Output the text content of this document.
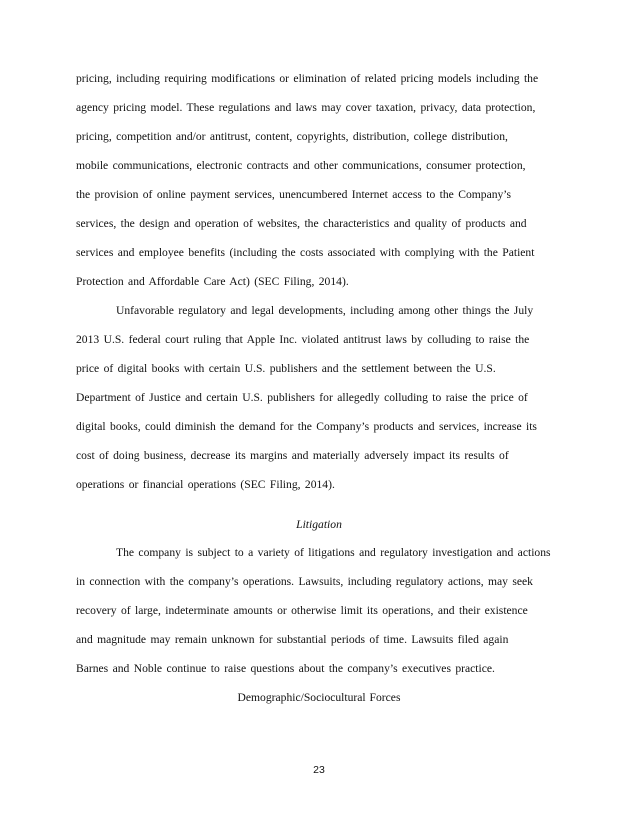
pricing, including requiring modifications or elimination of related pricing models including the
agency pricing model. These regulations and laws may cover taxation, privacy, data protection,
pricing, competition and/or antitrust, content, copyrights, distribution, college distribution,
mobile communications, electronic contracts and other communications, consumer protection,
the provision of online payment services, unencumbered Internet access to the Company’s
services, the design and operation of websites, the characteristics and quality of products and
services and employee benefits (including the costs associated with complying with the Patient
Protection and Affordable Care Act) (SEC Filing, 2014).
Unfavorable regulatory and legal developments, including among other things the July
2013 U.S. federal court ruling that Apple Inc. violated antitrust laws by colluding to raise the
price of digital books with certain U.S. publishers and the settlement between the U.S.
Department of Justice and certain U.S. publishers for allegedly colluding to raise the price of
digital books, could diminish the demand for the Company’s products and services, increase its
cost of doing business, decrease its margins and materially adversely impact its results of
operations or financial operations (SEC Filing, 2014).
Litigation
The company is subject to a variety of litigations and regulatory investigation and actions
in connection with the company’s operations. Lawsuits, including regulatory actions, may seek
recovery of large, indeterminate amounts or otherwise limit its operations, and their existence
and magnitude may remain unknown for substantial periods of time. Lawsuits filed again
Barnes and Noble continue to raise questions about the company’s executives practice.
Demographic/Sociocultural Forces
23
